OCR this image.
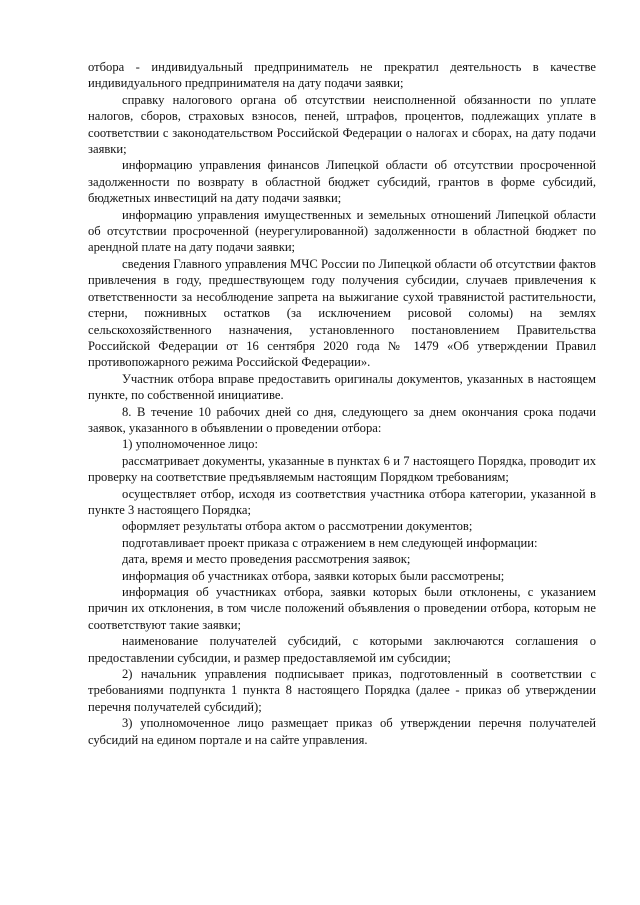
отбора - индивидуальный предприниматель не прекратил деятельность в качестве индивидуального предпринимателя на дату подачи заявки;

справку налогового органа об отсутствии неисполненной обязанности по уплате налогов, сборов, страховых взносов, пеней, штрафов, процентов, подлежащих уплате в соответствии с законодательством Российской Федерации о налогах и сборах, на дату подачи заявки;

информацию управления финансов Липецкой области об отсутствии просроченной задолженности по возврату в областной бюджет субсидий, грантов в форме субсидий, бюджетных инвестиций на дату подачи заявки;

информацию управления имущественных и земельных отношений Липецкой области об отсутствии просроченной (неурегулированной) задолженности в областной бюджет по арендной плате на дату подачи заявки;

сведения Главного управления МЧС России по Липецкой области об отсутствии фактов привлечения в году, предшествующем году получения субсидии, случаев привлечения к ответственности за несоблюдение запрета на выжигание сухой травянистой растительности, стерни, пожнивных остатков (за исключением рисовой соломы) на землях сельскохозяйственного назначения, установленного постановлением Правительства Российской Федерации от 16 сентября 2020 года № 1479 «Об утверждении Правил противопожарного режима Российской Федерации».

Участник отбора вправе предоставить оригиналы документов, указанных в настоящем пункте, по собственной инициативе.

8. В течение 10 рабочих дней со дня, следующего за днем окончания срока подачи заявок, указанного в объявлении о проведении отбора:

1) уполномоченное лицо:

рассматривает документы, указанные в пунктах 6 и 7 настоящего Порядка, проводит их проверку на соответствие предъявляемым настоящим Порядком требованиям;

осуществляет отбор, исходя из соответствия участника отбора категории, указанной в пункте 3 настоящего Порядка;

оформляет результаты отбора актом о рассмотрении документов;

подготавливает проект приказа с отражением в нем следующей информации:

дата, время и место проведения рассмотрения заявок;

информация об участниках отбора, заявки которых были рассмотрены;

информация об участниках отбора, заявки которых были отклонены, с указанием причин их отклонения, в том числе положений объявления о проведении отбора, которым не соответствуют такие заявки;

наименование получателей субсидий, с которыми заключаются соглашения о предоставлении субсидии, и размер предоставляемой им субсидии;

2) начальник управления подписывает приказ, подготовленный в соответствии с требованиями подпункта 1 пункта 8 настоящего Порядка (далее - приказ об утверждении перечня получателей субсидий);

3) уполномоченное лицо размещает приказ об утверждении перечня получателей субсидий на едином портале и на сайте управления.
